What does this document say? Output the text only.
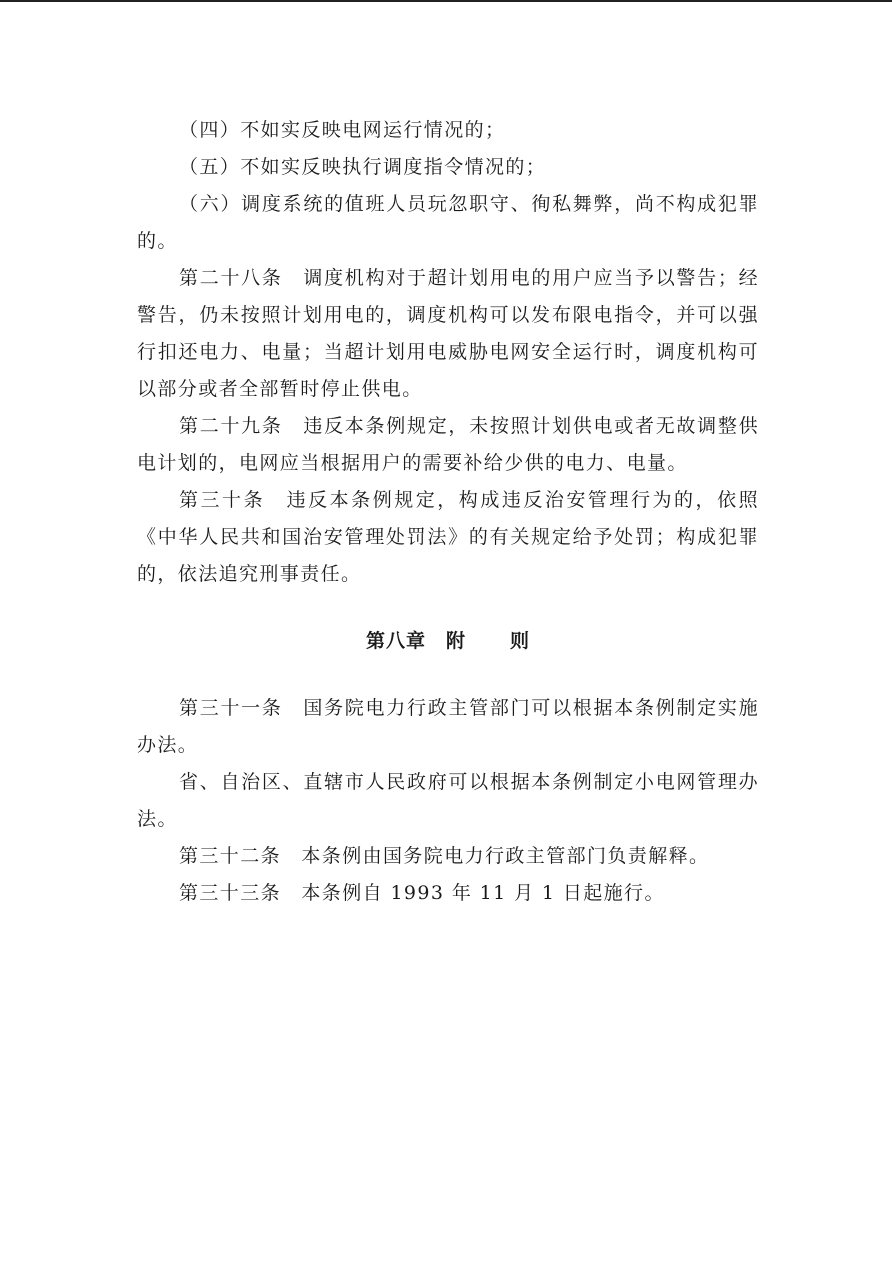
（四）不如实反映电网运行情况的；

（五）不如实反映执行调度指令情况的；

（六）调度系统的值班人员玩忽职守、徇私舞弊，尚不构成犯罪的。

第二十八条　调度机构对于超计划用电的用户应当予以警告；经警告，仍未按照计划用电的，调度机构可以发布限电指令，并可以强行扣还电力、电量；当超计划用电威胁电网安全运行时，调度机构可以部分或者全部暂时停止供电。

第二十九条　违反本条例规定，未按照计划供电或者无故调整供电计划的，电网应当根据用户的需要补给少供的电力、电量。

第三十条　违反本条例规定，构成违反治安管理行为的，依照《中华人民共和国治安管理处罚法》的有关规定给予处罚；构成犯罪的，依法追究刑事责任。

第八章 附 则

第三十一条　国务院电力行政主管部门可以根据本条例制定实施办法。

省、自治区、直辖市人民政府可以根据本条例制定小电网管理办法。

第三十二条　本条例由国务院电力行政主管部门负责解释。

第三十三条　本条例自 1993 年 11 月 1 日起施行。
